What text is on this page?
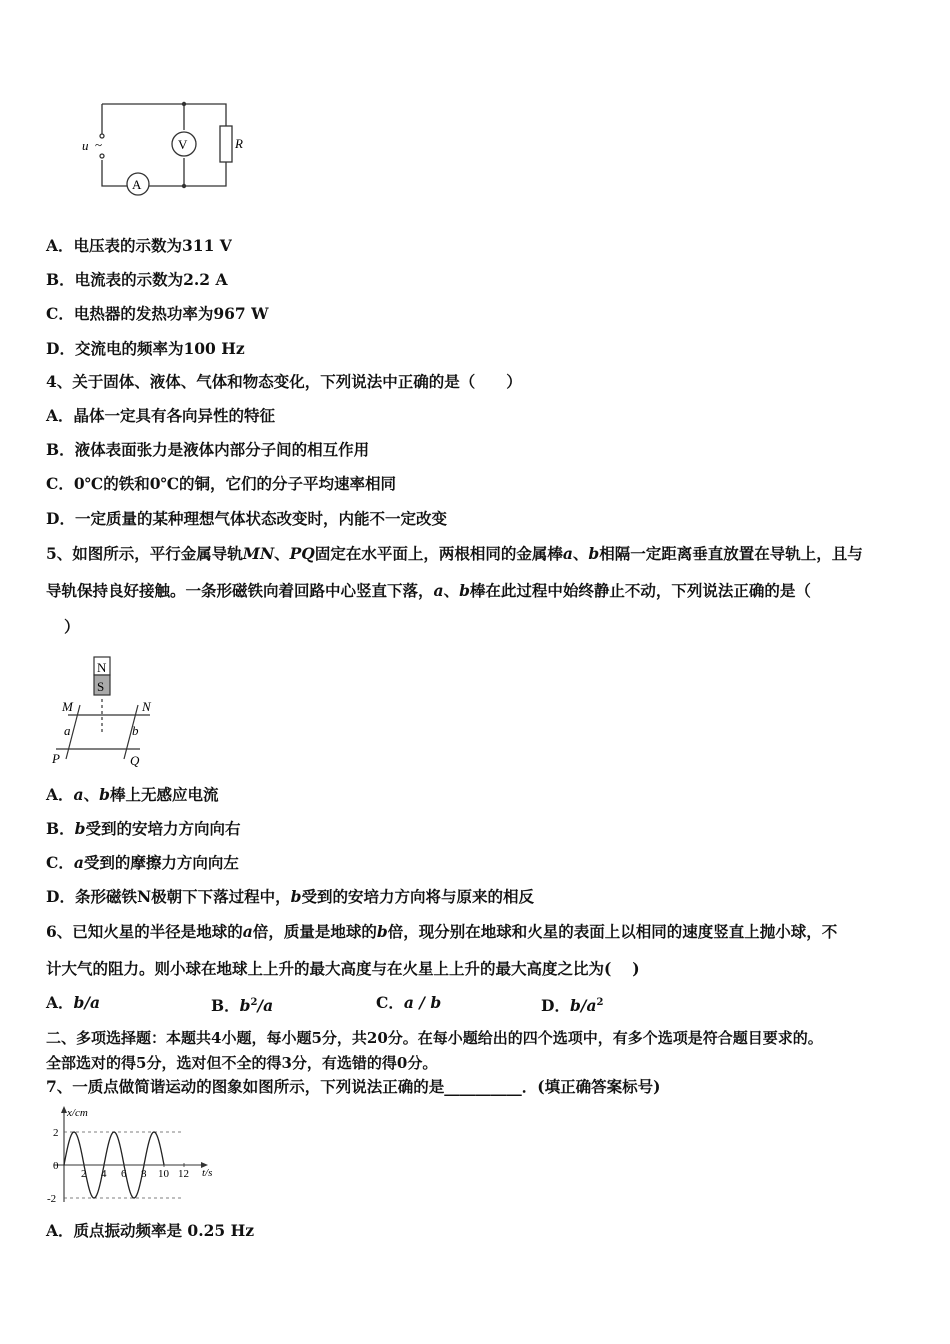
u ~	V	R
A
A．电压表的示数为311 V
B．电流表的示数为2.2 A
C．电热器的发热功率为967 W
D．交流电的频率为100 Hz
4、关于固体、液体、气体和物态变化，下列说法中正确的是（　　）
A．晶体一定具有各向异性的特征
B．液体表面张力是液体内部分子间的相互作用
C．0℃的铁和0℃的铜，它们的分子平均速率相同
D．一定质量的某种理想气体状态改变时，内能不一定改变
5、如图所示，平行金属导轨MN、PQ固定在水平面上，两根相同的金属棒a、b相隔一定距离垂直放置在导轨上，且与
导轨保持良好接触。一条形磁铁向着回路中心竖直下落，a、b棒在此过程中始终静止不动，下列说法正确的是（
）
N
S
M	N
a	b
P	Q
A．a、b棒上无感应电流
B．b受到的安培力方向向右
C．a受到的摩擦力方向向左
D．条形磁铁N极朝下下落过程中，b受到的安培力方向将与原来的相反
6、已知火星的半径是地球的a倍，质量是地球的b倍，现分别在地球和火星的表面上以相同的速度竖直上抛小球，不
计大气的阻力。则小球在地球上上升的最大高度与在火星上上升的最大高度之比为(　 )
A．b/a	B．$b^2/a$	C．a / b	D．$b/a^2$
二、多项选择题：本题共4小题，每小题5分，共20分。在每小题给出的四个选项中，有多个选项是符合题目要求的。
全部选对的得5分，选对但不全的得3分，有选错的得0分。
7、一质点做简谐运动的图象如图所示，下列说法正确的是__________．(填正确答案标号)
x/cm
t/s
2 4 6 8 10 12
2
0
-2
A．质点振动频率是 0.25 Hz
